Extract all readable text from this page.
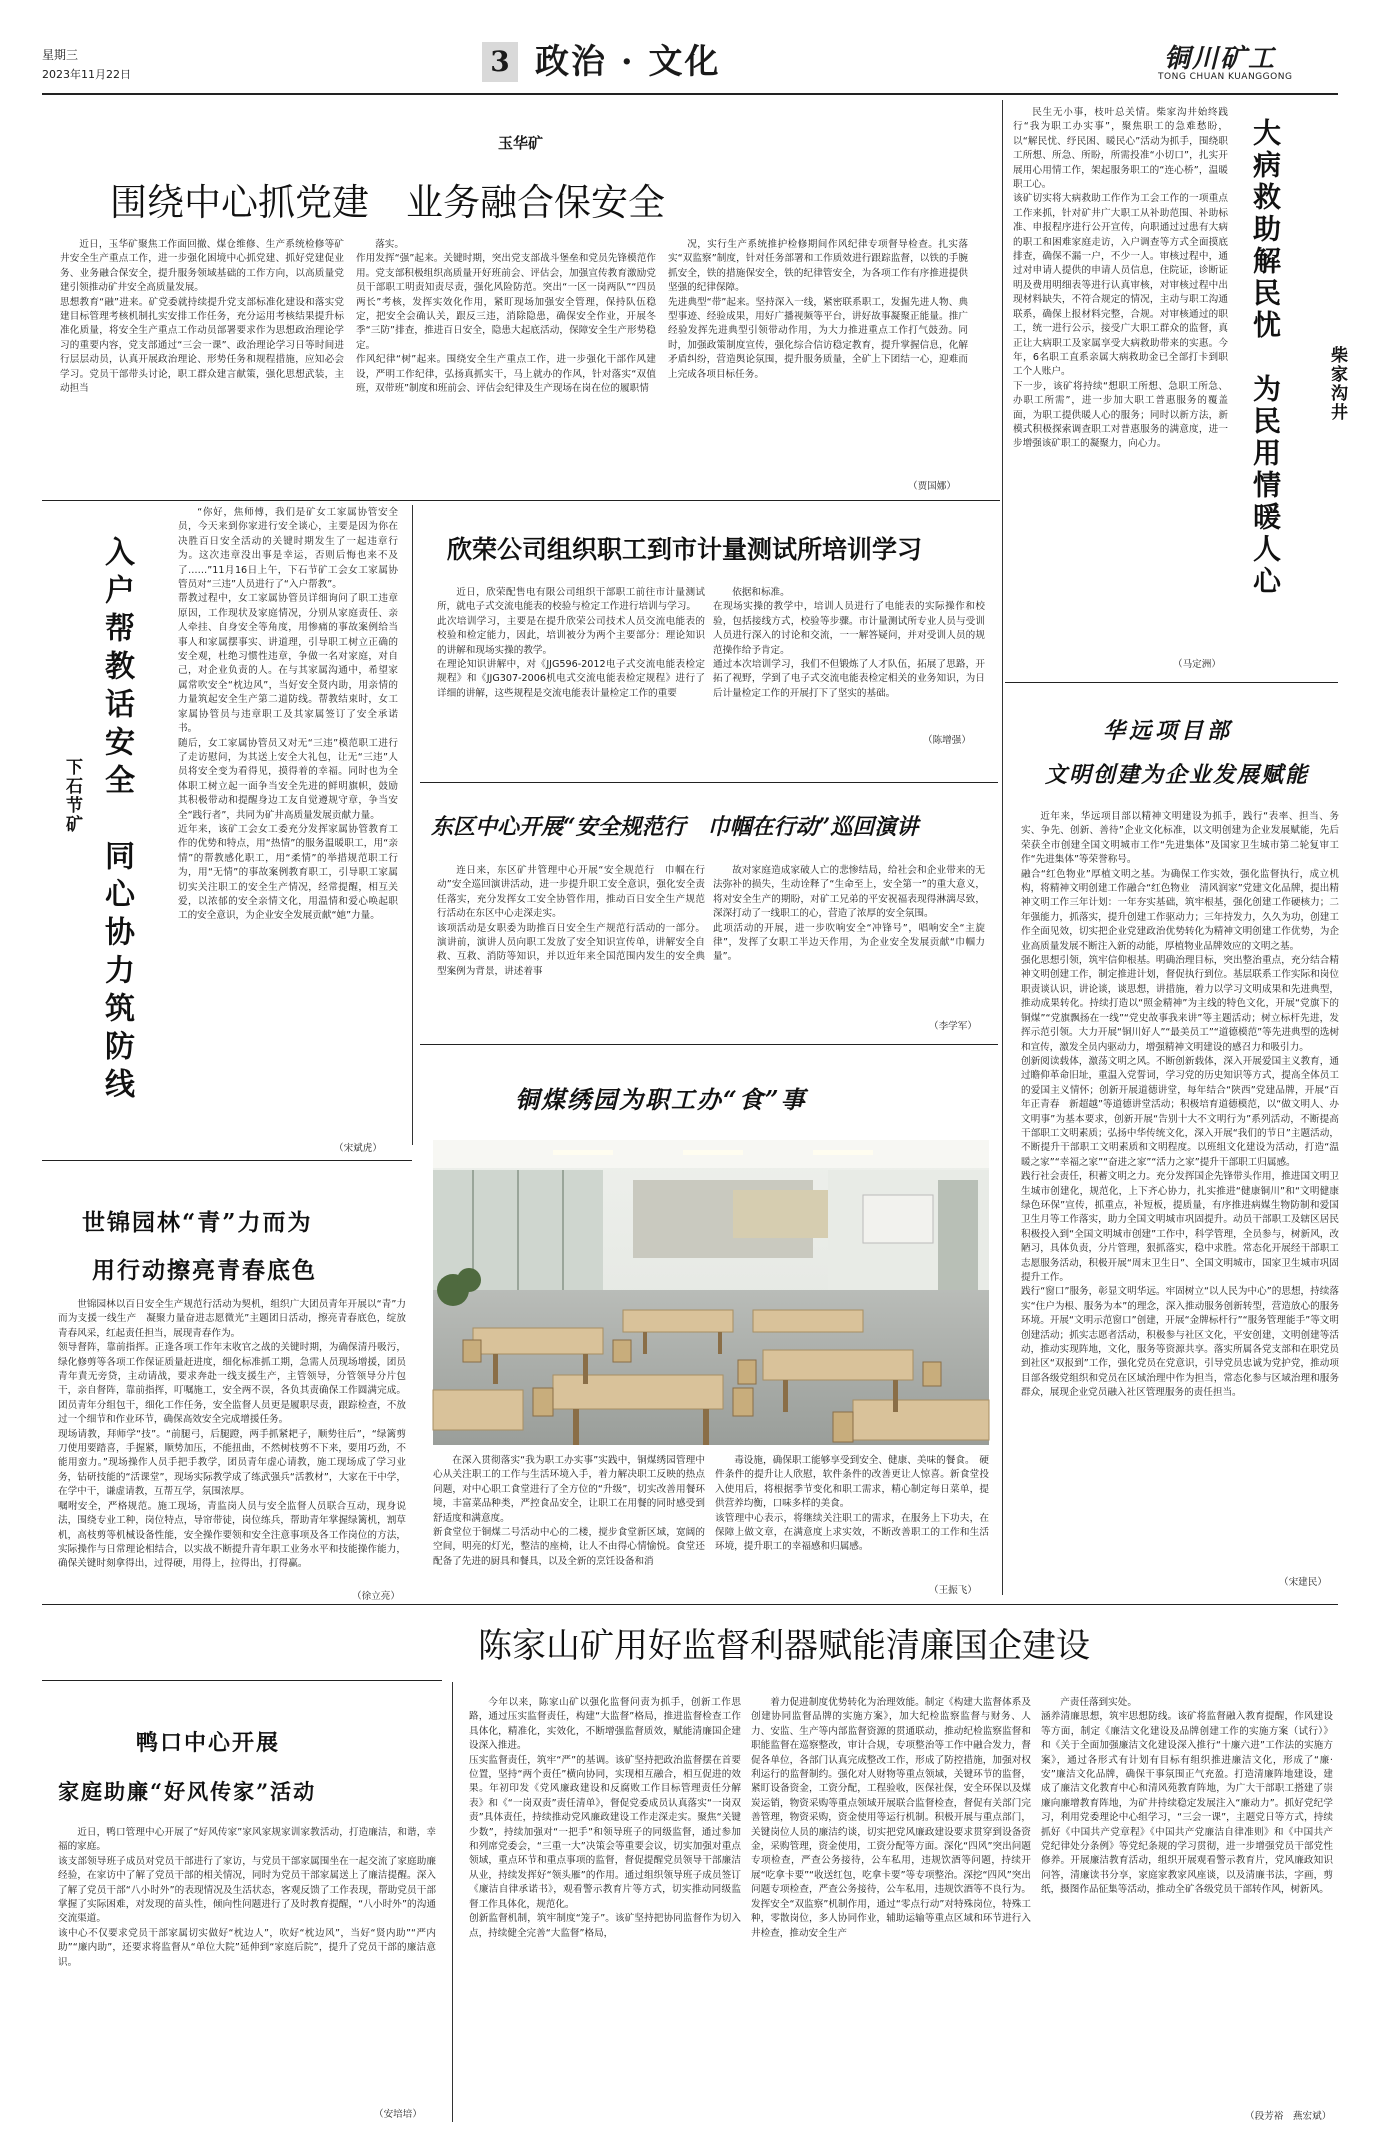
星期三
2023年11月22日	3 政治 · 文化	铜川矿工
TONG CHUAN KUANGGONG
玉华矿
围绕中心抓党建　业务融合保安全
近日，玉华矿聚焦工作面回撤、煤仓维修、生产系统检修等矿井安全生产重点工作，进一步强化困境中心抓党建、抓好党建促业务、业务融合保安全，提升服务领域基础的工作方向，以高质量党建引领推动矿井安全高质量发展。
思想教育“融”进来。矿党委就持续提升党支部标准化建设和落实党建目标管理考核机制扎实安排工作任务，充分运用考核结果提升标准化质量，将安全生产重点工作动员部署要求作为思想政治理论学习的重要内容，党支部通过“三会一课”、政治理论学习日等时间进行层层动员，认真开展政治理论、形势任务和规程措施，应知必会学习。党员干部带头讨论，职工群众建言献策，强化思想武装，主动担当
落实。
作用发挥“强”起来。关键时期，突出党支部战斗堡垒和党员先锋模范作用。党支部积极组织高质量开好班前会、评估会，加强宣传教育激励党员干部职工明责知责尽责，强化风险防范。突出“一区一岗两队”“四员两长”考核，发挥实效化作用，紧盯现场加强安全管理，保持队伍稳定，把安全会确认关，跟反三违，消除隐患，确保安全作业，开展冬季“三防”排查，推进百日安全，隐患大起底活动，保障安全生产形势稳定。
作风纪律“树”起来。围绕安全生产重点工作，进一步强化干部作风建设，严明工作纪律，弘扬真抓实干，马上就办的作风，针对落实“双值班，双带班”制度和班前会、评估会纪律及生产现场在岗在位的履职情
况，实行生产系统推护检修期间作风纪律专项督导检查。扎实落实“双监察”制度，针对任务部署和工作质效进行跟踪监督，以铁的手腕抓安全，铁的措施保安全，铁的纪律管安全，为各项工作有序推进提供坚强的纪律保障。
先进典型“带”起来。坚持深入一线，紧密联系职工，发掘先进人物、典型事迹、经验成果，用好广播视频等平台，讲好故事凝聚正能量。推广经验发挥先进典型引领带动作用，为大力推进重点工作打气鼓劲。同时，加强政策制度宣传，强化综合信访稳定教育，提升掌握信息，化解矛盾纠纷，营造舆论氛围，提升服务质量，全矿上下团结一心，迎难而上完成各项目标任务。
（贾国娜）
民生无小事，枝叶总关情。柴家沟井始终践行“我为职工办实事”，聚焦职工的急难愁盼，以“解民忧、纾民困、暖民心”活动为抓手，围绕职工所想、所急、所盼，所需投准“小切口”，扎实开展用心用情工作，架起服务职工的“连心桥”，温暖职工心。
该矿切实将大病救助工作作为工会工作的一项重点工作来抓，针对矿井广大职工从补助范围、补助标准、申报程序进行公开宣传，向职通过过患有大病的职工和困难家庭走访，入户调查等方式全面摸底排查，确保不漏一户，不少一人。审核过程中，通过对申请人提供的申请人员信息，住院证，诊断证明及费用明细表等进行认真审核，对审核过程中出现材料缺失，不符合规定的情况，主动与职工沟通联系，确保上报材料完整，合规。对审核通过的职工，统一进行公示，接受广大职工群众的监督，真正让大病职工及家属享受大病救助带来的实惠。今年，6名职工直系亲属大病救助金已全部打卡到职工个人账户。
下一步，该矿将持续“想职工所想、急职工所急、办职工所需”，进一步加大职工普惠服务的覆盖面，为职工提供暖人心的服务；同时以新方法，新模式积极探索调查职工对普惠服务的满意度，进一步增强该矿职工的凝聚力，向心力。	大病救助解民忧　为民用情暖人心	柴家沟井
（马定洲）
入户帮教话安全　同心协力筑防线
下石节矿
“你好，焦师傅，我们是矿女工家属协管安全员，今天来到你家进行安全谈心，主要是因为你在决胜百日安全活动的关键时期发生了一起违章行为。这次违章没出事是幸运，否则后悔也来不及了……”11月16日上午，下石节矿工会女工家属协管员对“三违”人员进行了“入户帮教”。
帮教过程中，女工家属协管员详细询问了职工违章原因，工作现状及家庭情况，分别从家庭责任、亲人牵挂、自身安全等角度，用惨痛的事故案例给当事人和家属摆事实、讲道理，引导职工树立正确的安全观，杜绝习惯性违章，争做一名对家庭，对自己，对企业负责的人。在与其家属沟通中，希望家属常吹安全“枕边风”，当好安全贤内助，用亲情的力量筑起安全生产第二道防线。帮教结束时，女工家属协管员与违章职工及其家属签订了安全承诺书。
随后，女工家属协管员又对无“三违”模范职工进行了走访慰问，为其送上安全大礼包，让无“三违”人员将安全变为看得见，摸得着的幸福。同时也为全体职工树立起一面争当安全先进的鲜明旗帜，鼓励其积极带动和提醒身边工友自觉遵规守章，争当安全“践行者”，共同为矿井高质量发展贡献力量。
近年来，该矿工会女工委充分发挥家属协管教育工作的优势和特点，用“热情”的服务温暖职工，用“亲情”的帮教感化职工，用“柔情”的举措规范职工行为，用“无情”的事故案例教育职工，引导职工家属切实关注职工的安全生产情况，经常提醒，相互关爱，以浓郁的安全亲情文化，用温情和爱心唤起职工的安全意识，为企业安全发展贡献“她”力量。
（宋斌虎）
欣荣公司组织职工到市计量测试所培训学习
近日，欣荣配售电有限公司组织干部职工前往市计量测试所，就电子式交流电能表的校验与检定工作进行培训与学习。
此次培训学习，主要是在提升欣荣公司技术人员交流电能表的校验和检定能力，因此，培训被分为两个主要部分：理论知识的讲解和现场实操的教学。
在理论知识讲解中，对《JJG596-2012电子式交流电能表检定规程》和《JJG307-2006机电式交流电能表检定规程》进行了详细的讲解，这些规程是交流电能表计量检定工作的重要
依据和标准。
在现场实操的教学中，培训人员进行了电能表的实际操作和校验，包括接线方式，校验等步骤。市计量测试所专业人员与受训人员进行深入的讨论和交流，一一解答疑问，并对受训人员的规范操作给予肯定。
通过本次培训学习，我们不但锻炼了人才队伍，拓展了思路，开拓了视野，学到了电子式交流电能表检定相关的业务知识，为日后计量检定工作的开展打下了坚实的基础。
（陈增强）
东区中心开展“安全规范行　巾帼在行动”巡回演讲
连日来，东区矿井管理中心开展“安全规范行　巾帼在行动”安全巡回演讲活动，进一步提升职工安全意识，强化安全责任落实，充分发挥女工安全协管作用，推动百日安全生产规范行活动在东区中心走深走实。
该项活动是女职委为助推百日安全生产规范行活动的一部分。演讲前，演讲人员向职工发放了安全知识宣传单，讲解安全自救、互救、消防等知识，并以近年来全国范围内发生的安全典型案例为背景，讲述着事
故对家庭造成家破人亡的悲惨结局，给社会和企业带来的无法弥补的损失，生动诠释了“生命至上，安全第一”的重大意义，将对安全生产的期盼，对矿工兄弟的平安祝福表现得淋漓尽致，深深打动了一线职工的心，营造了浓厚的安全氛围。
此项活动的开展，进一步吹响安全“冲锋号”，唱响安全“主旋律”，发挥了女职工半边天作用，为企业安全发展贡献“巾帼力量”。
（李学军）
铜煤绣园为职工办“食”事
在深入贯彻落实“我为职工办实事”实践中，铜煤绣园管理中心从关注职工的工作与生活环境入手，着力解决职工反映的热点问题，对中心职工食堂进行了全方位的“升级”，切实改善用餐环境，丰富菜品种类，严控食品安全，让职工在用餐的同时感受到舒适度和满意度。
新食堂位于铜煤二号活动中心的二楼，搅步食堂新区域，宽阔的空间，明亮的灯光，整洁的座椅，让人不由得心情愉悦。食堂还配备了先进的厨具和餐具，以及全新的烹饪设备和消
毒设施，确保职工能够享受到安全、健康、美味的餐食。　硬件条件的提升让人欣慰，软件条件的改善更让人惊喜。新食堂投入使用后，将根据季节变化和职工需求，精心制定每日菜单，提供营养均衡，口味多样的美食。
该管理中心表示，将继续关注职工的需求，在服务上下功夫，在保障上做文章，在满意度上求实效，不断改善职工的工作和生活环境，提升职工的幸福感和归属感。
（王振飞）
华远项目部
文明创建为企业发展赋能
近年来，华远项目部以精神文明建设为抓手，践行“表率、担当、务实、争先、创新、善待”企业文化标准，以文明创建为企业发展赋能，先后荣获全市创建全国文明城市工作“先进集体”及国家卫生城市第二轮复审工作“先进集体”等荣誉称号。
融合“红色物业”厚植文明之基。为确保工作实效，强化监督执行，成立机构，将精神文明创建工作融合“红色物业　清风润家”党建文化品牌，提出精神文明工作三年计划：一年夯实基础，筑牢根基，强化创建工作硬核力；二年强能力，抓落实，提升创建工作驱动力；三年持发力，久久为功，创建工作全面见效，切实把企业党建政治优势转化为精神文明创建工作优势，为企业高质量发展不断注入新的动能，厚植物业品牌效应的文明之基。
强化思想引领，筑牢信仰根基。明确治理目标，突出整治重点，充分结合精神文明创建工作，制定推进计划，督促执行到位。基层联系工作实际和岗位职责谈认识，讲论谈，谈思想，讲措施，着力以学习文明成果和先进典型，推动成果转化。持续打造以“照金精神”为主线的特色文化，开展“党旗下的铜煤”“党旗飘扬在一线”“党史故事我来讲”等主题活动；树立标杆先进，发挥示范引领。大力开展“铜川好人”“最美员工”“道德模范”等先进典型的选树和宣传，激发全员内驱动力，增强精神文明建设的感召力和吸引力。
创新阅读载体，激荡文明之风。不断创新载体，深入开展爱国主义教育，通过瞻仰革命旧址，重温入党誓词，学习党的历史知识等方式，提高全体员工的爱国主义情怀；创新开展道德讲堂，每年结合“陕西”党建品牌，开展“百年正青春　新超越”等道德讲堂活动；积极培育道德模范，以“做文明人、办文明事”为基本要求，创新开展“告别十大不文明行为”系列活动，不断提高干部职工文明素质；弘扬中华传统文化，深入开展“我们的节日”主题活动，不断提升干部职工文明素质和文明程度。以班组文化建设为活动，打造“温暖之家”“幸福之家”“奋进之家”“活力之家”提升干部职工归属感。
践行社会责任，积蓄文明之力。充分发挥国企先锋带头作用，推进国文明卫生城市创建化，规范化，上下齐心协力，扎实推进“健康铜川”和“文明健康　绿色环保”宣传，抓重点，补短板，提质量，有序推进病媒生物防制和爱国卫生月等工作落实，助力全国文明城市巩固提升。动员干部职工及辖区居民积极投入到“全国文明城市创建”工作中，科学管理，全员参与，树新风，改陋习，具体负责，分片管理，狠抓落实，稳中求胜。常态化开展经干部职工志愿服务活动，积极开展“周末卫生日”、全国文明城市，国家卫生城市巩固提升工作。
践行“窗口”服务，彰显文明华远。牢固树立“以人民为中心”的思想，持续落实“住户为根、服务为本”的理念，深入推动服务创新转型，营造放心的服务环境。开展“文明示范窗口”创建，开展“金牌标杆行”“服务管理能手”等文明创建活动；抓实志愿者活动，积极参与社区文化，平安创建，文明创建等活动，推动实现阵地，文化，服务等资源共享。落实所属各党支部和在职党员到社区“双报到”工作，强化党员在党意识，引导党员忠诚为党护党，推动项目部各级党组织和党员在区域治理中作为担当，常态化参与区域治理和服务群众，展现企业党员融入社区管理服务的责任担当。
（宋建民）
世锦园林“青”力而为
用行动擦亮青春底色
世锦园林以百日安全生产规范行活动为契机，组织广大团员青年开展以“青”力而为支援一线生产　凝聚力量奋进志愿微光”主题团日活动，擦亮青春底色，绽放青春风采，红起责任担当，展现青春作为。
领导督阵，靠前指挥。正逢各项工作年末收官之战的关键时期，为确保清丹吸污，绿化修剪等各项工作保证质量赶进度，细化标准抓工期，急需人员现场增援，团员青年責无旁贷，主动请战，要求奔赴一线支援生产，主管领导，分管领导分片包干，亲自督阵，靠前指挥，叮嘱施工，安全两不误，各负其责确保工作圆满完成。团员青年分组包干，细化工作任务，安全监督人员更是履职尽责，跟踪检查，不放过一个细节和作业环节，确保高效安全完成增援任务。
现场请教，拜师学“技”。“前腿弓，后腿蹬，两手抓紧耙子，顺势往后”，“绿篱剪刀使用要踏喜，手握紧，顺势加压，不能扭曲，不然树枝剪不下来，要用巧劲，不能用蛮力。”现场操作人员手把手教学，团员青年虚心请教，施工现场成了学习业务，钻研技能的“活课堂”，现场实际教学成了练武强兵“活教材”，大家在干中学，在学中干，谦虚请教，互帮互学，氛围浓厚。
嘱咐安全，严格规范。施工现场，青监岗人员与安全监督人员联合互动，现身说法，围绕专业工种，岗位特点，导帘带徒，岗位练兵，帮助青年掌握绿篱机，割草机，高枝剪等机械设备性能，安全操作要领和安全注意事项及各工作岗位的方法，实际操作与日常理论相结合，以实战不断提升青年职工业务水平和技能操作能力，确保关键时刻拿得出，过得硬，用得上，拉得出，打得赢。
（徐立亮）
陈家山矿用好监督利器赋能清廉国企建设
鸭口中心开展
家庭助廉“好风传家”活动
近日，鸭口管理中心开展了“好风传家”家风家规家训家教活动，打造廉洁，和谐，幸福的家庭。
该支部领导班子成员对党员干部进行了家访，与党员干部家属围坐在一起交流了家庭助廉经验，在家访中了解了党员干部的相关情况，同时为党员干部家属送上了廉洁提醒。深入了解了党员干部“八小时外”的表现情况及生活状态，客观反馈了工作表现，帮助党员干部掌握了实际困难，对发现的苗头性，倾向性问题进行了及时教育提醒，“八小时外”的沟通交流渠道。
该中心不仅要求党员干部家属切实做好“枕边人”，吹好“枕边风”，当好“贤内助”“严内助”“廉内助”，还要求将监督从“单位大院”延伸到“家庭后院”，提升了党员干部的廉洁意识。
（安培培）
今年以来，陈家山矿以强化监督问责为抓手，创新工作思路，通过压实监督责任，构建“大监督”格局，推进监督检查工作具体化，精准化，实效化，不断增强监督质效，赋能清廉国企建设深入推进。
压实监督责任，筑牢“严”的基调。该矿坚持把政治监督摆在首要位置，坚持“两个责任”横向协同，实现相互融合，相互促进的效果。年初印发《党风廉政建设和反腐败工作目标管理责任分解表》和《“一岗双责”责任清单》，督促党委成员认真落实“一岗双责”具体责任，持续推动党风廉政建设工作走深走实。聚焦“关键少数”，持续加强对“一把手”和领导班子的同级监督，通过参加和列席党委会，“三重一大”决策会等重要会议，切实加强对重点领域，重点环节和重点事项的监督，督促提醒党员领导干部廉洁从业，持续发挥好“领头雁”的作用。通过组织领导班子成员签订《廉洁自律承诺书》，观看警示教育片等方式，切实推动同级监督工作具体化，规范化。
创新监督机制，筑牢制度“笼子”。该矿坚持把协同监督作为切入点，持续健全完善“大监督”格局，
着力促进制度优势转化为治理效能。制定《构建大监督体系及创建协同监督品牌的实施方案》，加大纪检监察监督与财务、人力、安监、生产等内部监督资源的贯通联动，推动纪检监察监督和职能监督在巡察整改，审计合规，专项整治等工作中融合发力，督促各单位，各部门认真完成整改工作，形成了防控措施，加强对权利运行的监督制约。强化对人财物等重点领域，关键环节的监督，紧盯设备资金，工资分配，工程验收，医保社保，安全环保以及煤炭运销，物资采购等重点领域开展联合监督检查，督促有关部门完善管理，物资采购，资金使用等运行机制。积极开展与重点部门，关键岗位人员的廉洁约谈，切实把党风廉政建设要求贯穿到设备资金，采购管理，资金使用，工资分配等方面。深化“四风”突出问题专项检查，严查公务接待，公车私用，违规饮酒等问题，持续开展“吃拿卡要”“收送红包，吃拿卡要”等专项整治。深挖“四风”突出问题专项检查，严查公务接待，公车私用，违规饮酒等不良行为。发挥安全“双监察”机制作用，通过“零点行动”对特殊岗位，特殊工种，零散岗位，多人协同作业，辅助运输等重点区域和环节进行入井检查，推动安全生产
产责任落到实处。
涵养清廉思想，筑牢思想防线。该矿将监督融入教育提醒，作风建设等方面，制定《廉洁文化建设及品牌创建工作的实施方案（试行）》和《关于全面加强廉洁文化建设深入推行“十廉六进”工作法的实施方案》，通过各形式有计划有目标有组织推进廉洁文化，形成了“廉·安”廉洁文化品牌，确保干事氛围正气充盈。打造清廉阵地建设，建成了廉洁文化教育中心和清风苑教育阵地，为广大干部职工搭建了崇廉向廉增教育阵地，为矿井持续稳定发展注入“廉动力”。抓好党纪学习，利用党委理论中心组学习，“三会一课”，主题党日等方式，持续抓好《中国共产党章程》《中国共产党廉洁自律准则》和《中国共产党纪律处分条例》等党纪条规的学习贯彻，进一步增强党员干部党性修养。开展廉洁教育活动，组织开展观看警示教育片，党风廉政知识问答，清廉读书分享，家庭家教家风座谈，以及清廉书法，字画，剪纸，摄图作品征集等活动，推动全矿各级党员干部转作风，树新风。
（段芳裕　燕宏斌）
